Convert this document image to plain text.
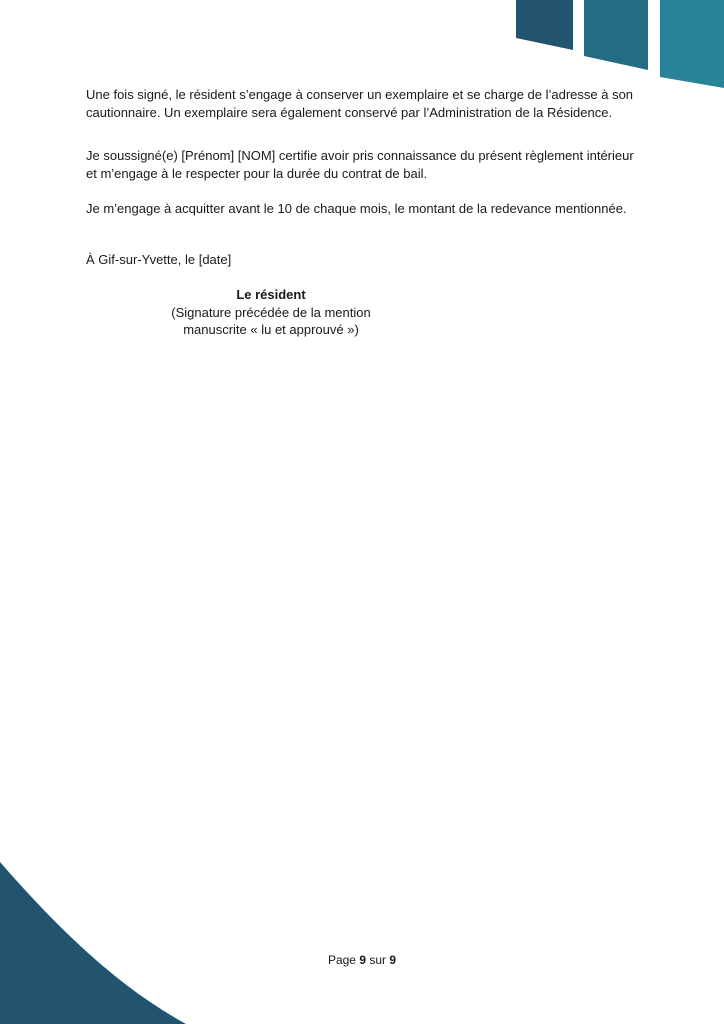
Une fois signé, le résident s’engage à conserver un exemplaire et se charge de l’adresse à son cautionnaire. Un exemplaire sera également conservé par l’Administration de la Résidence.

Je soussigné(e) [Prénom] [NOM] certifie avoir pris connaissance du présent règlement intérieur et m’engage à le respecter pour la durée du contrat de bail.

Je m’engage à acquitter avant le 10 de chaque mois, le montant de la redevance mentionnée.

À Gif-sur-Yvette, le [date]

Le résident
(Signature précédée de la mention manuscrite « lu et approuvé »)
Page 9 sur 9
